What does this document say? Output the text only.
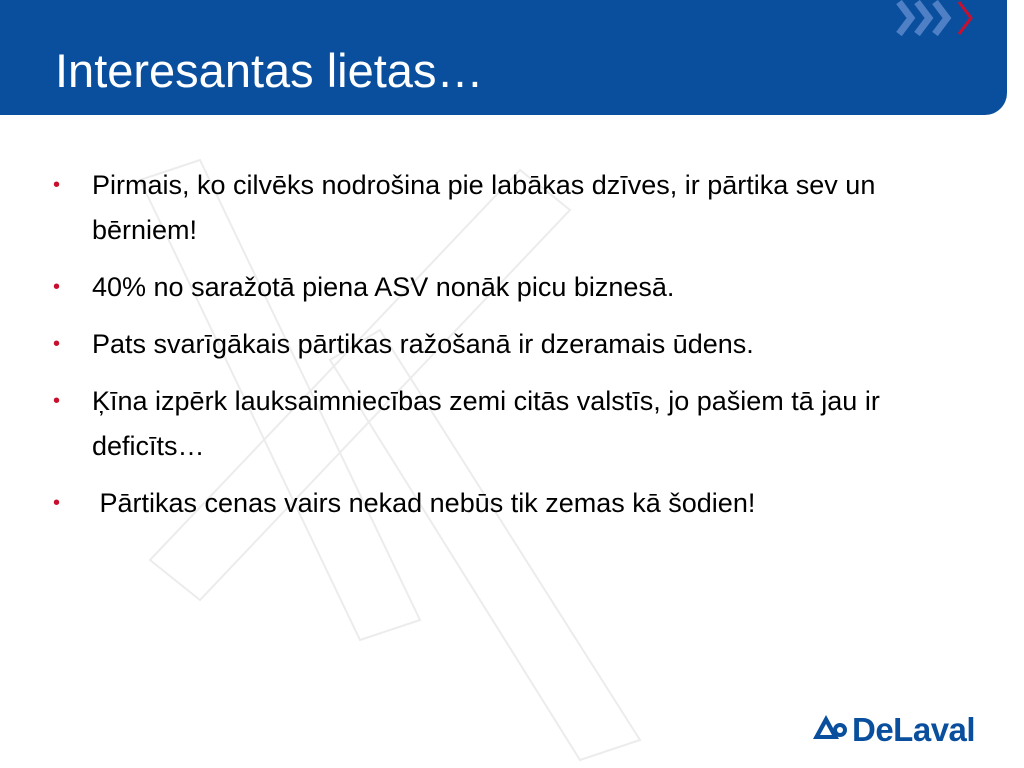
Interesantas lietas…
• Pirmais, ko cilvēks nodrošina pie labākas dzīves, ir pārtika sev un bērniem!
• 40% no saražotā piena ASV nonāk picu biznesā.
• Pats svarīgākais pārtikas ražošanā ir dzeramais ūdens.
• Ķīna izpērk lauksaimniecības zemi citās valstīs, jo pašiem tā jau ir deficīts…
• Pārtikas cenas vairs nekad nebūs tik zemas kā šodien!
DeLaval
